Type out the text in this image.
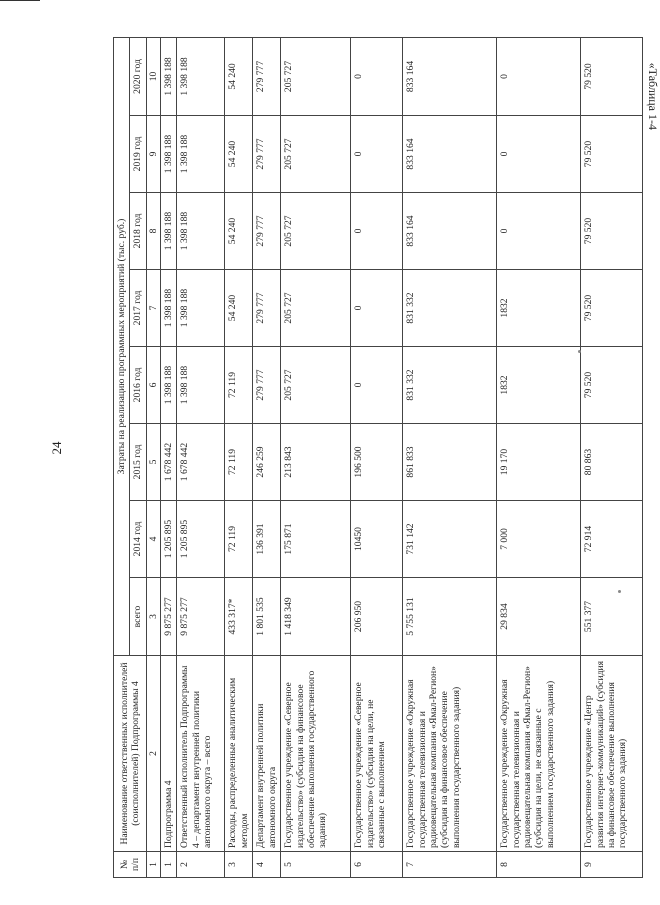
24
«Таблица 1-4
№ п/п	Наименование ответственных исполнителей (соисполнителей) Подпрограммы 4	Затраты на реализацию программных мероприятий (тыс. руб.)							
		всего	2014 год	2015 год	2016 год	2017 год	2018 год	2019 год	2020 год
1	2	3	4	5	6	7	8	9	10
1	Подпрограмма 4	9 875 277	1 205 895	1 678 442	1 398 188	1 398 188	1 398 188	1 398 188	1 398 188
2	Ответственный исполнитель Подпрограммы 4 – департамент внутренней политики автономного округа – всего	9 875 277	1 205 895	1 678 442	1 398 188	1 398 188	1 398 188	1 398 188	1 398 188
3	Расходы, распределенные аналитическим методом	433 317*	72 119	72 119	72 119	54 240	54 240	54 240	54 240
4	Департамент внутренней политики автономного округа	1 801 535	136 391	246 259	279 777	279 777	279 777	279 777	279 777
5	Государственное учреждение «Северное издательство» (субсидия на финансовое обеспечение выполнения государственного задания)	1 418 349	175 871	213 843	205 727	205 727	205 727	205 727	205 727
6	Государственное учреждение «Северное издательство» (субсидия на цели, не связанные с выполнением	206 950	10450	196 500	0	0	0	0	0
7	Государственное учреждение «Окружная государственная телевизионная и радиовещательная компания «Ямал-Регион» (субсидия на финансовое обеспечение выполнения государственного задания)	5 755 131	731 142	861 833	831 332	831 332	833 164	833 164	833 164
8	Государственное учреждение «Окружная государственная телевизионная и радиовещательная компания «Ямал-Регион» (субсидия на цели, не связанные с выполнением государственного задания)	29 834	7 000	19 170	1832	1832	0	0	0
9	Государственное учреждение «Центр развития интернет-коммуникаций» (субсидия на финансовое обеспечение выполнения государственного задания)	551 377	72 914	80 863	79 520	79 520	79 520	79 520	79 520
